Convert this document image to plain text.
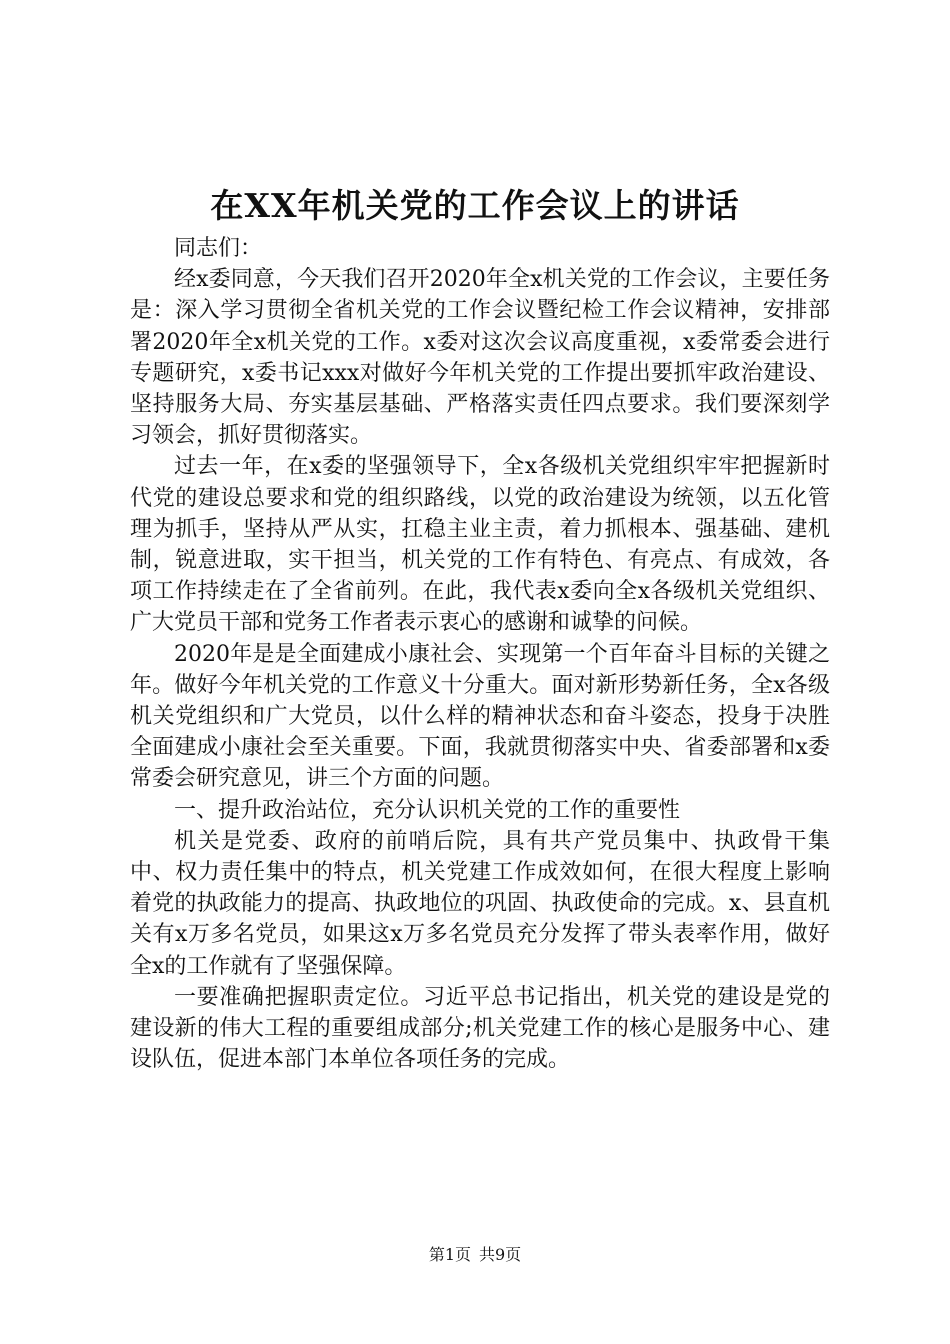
在XX年机关党的工作会议上的讲话

同志们：

经x委同意，今天我们召开2020年全x机关党的工作会议，主要任务是：深入学习贯彻全省机关党的工作会议暨纪检工作会议精神，安排部署2020年全x机关党的工作。x委对这次会议高度重视，x委常委会进行专题研究，x委书记xxx对做好今年机关党的工作提出要抓牢政治建设、坚持服务大局、夯实基层基础、严格落实责任四点要求。我们要深刻学习领会，抓好贯彻落实。

过去一年，在x委的坚强领导下，全x各级机关党组织牢牢把握新时代党的建设总要求和党的组织路线，以党的政治建设为统领，以五化管理为抓手，坚持从严从实，扛稳主业主责，着力抓根本、强基础、建机制，锐意进取，实干担当，机关党的工作有特色、有亮点、有成效，各项工作持续走在了全省前列。在此，我代表x委向全x各级机关党组织、广大党员干部和党务工作者表示衷心的感谢和诚挚的问候。

2020年是是全面建成小康社会、实现第一个百年奋斗目标的关键之年。做好今年机关党的工作意义十分重大。面对新形势新任务，全x各级机关党组织和广大党员，以什么样的精神状态和奋斗姿态，投身于决胜全面建成小康社会至关重要。下面，我就贯彻落实中央、省委部署和x委常委会研究意见，讲三个方面的问题。

一、提升政治站位，充分认识机关党的工作的重要性

机关是党委、政府的前哨后院，具有共产党员集中、执政骨干集中、权力责任集中的特点，机关党建工作成效如何，在很大程度上影响着党的执政能力的提高、执政地位的巩固、执政使命的完成。x、县直机关有x万多名党员，如果这x万多名党员充分发挥了带头表率作用，做好全x的工作就有了坚强保障。

一要准确把握职责定位。习近平总书记指出，机关党的建设是党的建设新的伟大工程的重要组成部分;机关党建工作的核心是服务中心、建设队伍，促进本部门本单位各项任务的完成。

第1页 共9页
